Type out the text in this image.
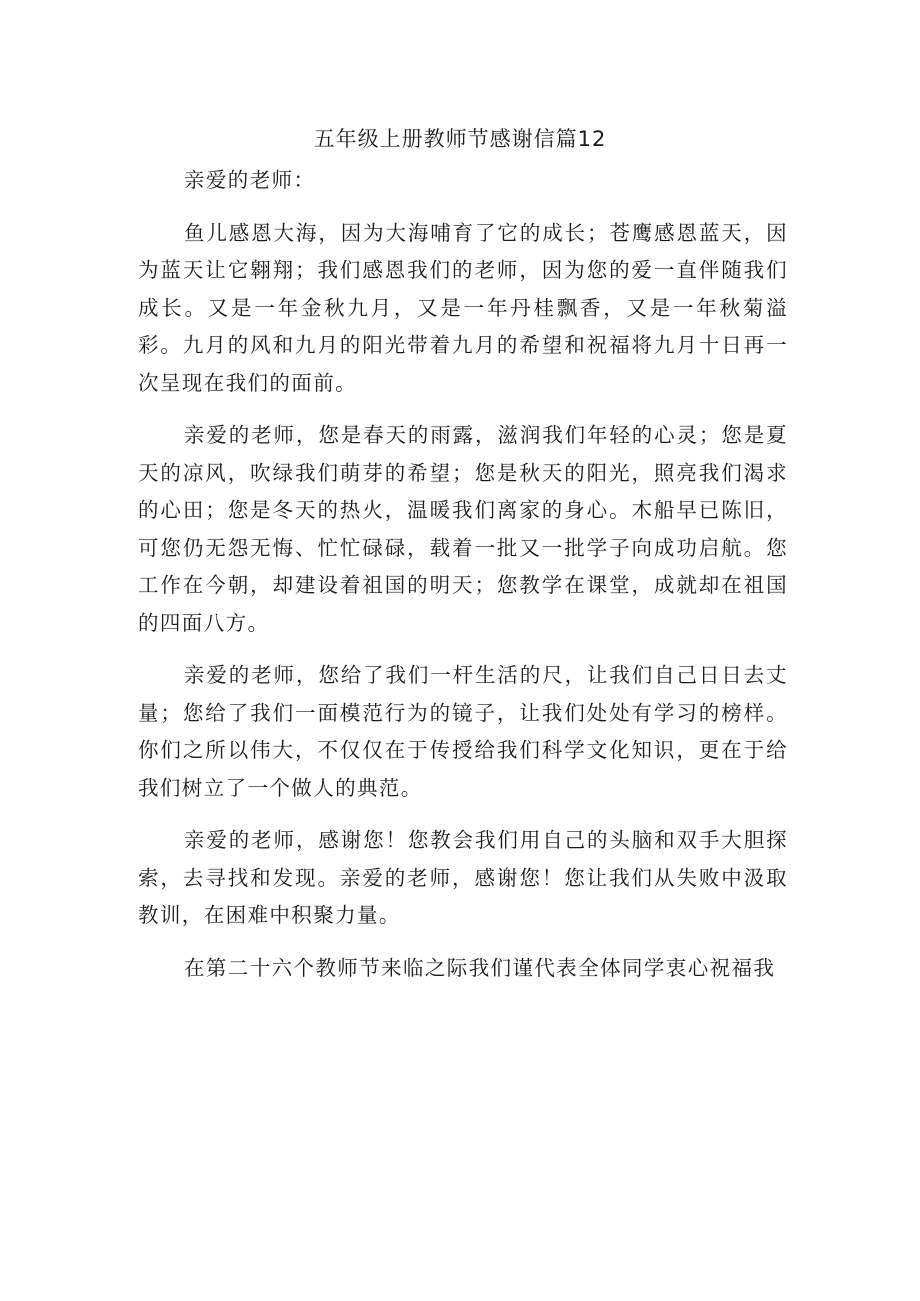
五年级上册教师节感谢信篇12

亲爱的老师：

鱼儿感恩大海，因为大海哺育了它的成长；苍鹰感恩蓝天，因为蓝天让它翱翔；我们感恩我们的老师，因为您的爱一直伴随我们成长。又是一年金秋九月，又是一年丹桂飘香，又是一年秋菊溢彩。九月的风和九月的阳光带着九月的希望和祝福将九月十日再一次呈现在我们的面前。

亲爱的老师，您是春天的雨露，滋润我们年轻的心灵；您是夏天的凉风，吹绿我们萌芽的希望；您是秋天的阳光，照亮我们渴求的心田；您是冬天的热火，温暖我们离家的身心。木船早已陈旧，可您仍无怨无悔、忙忙碌碌，载着一批又一批学子向成功启航。您工作在今朝，却建设着祖国的明天；您教学在课堂，成就却在祖国的四面八方。

亲爱的老师，您给了我们一杆生活的尺，让我们自己日日去丈量；您给了我们一面模范行为的镜子，让我们处处有学习的榜样。你们之所以伟大，不仅仅在于传授给我们科学文化知识，更在于给我们树立了一个做人的典范。

亲爱的老师，感谢您！您教会我们用自己的头脑和双手大胆探索，去寻找和发现。亲爱的老师，感谢您！您让我们从失败中汲取教训，在困难中积聚力量。

在第二十六个教师节来临之际我们谨代表全体同学衷心祝福我
